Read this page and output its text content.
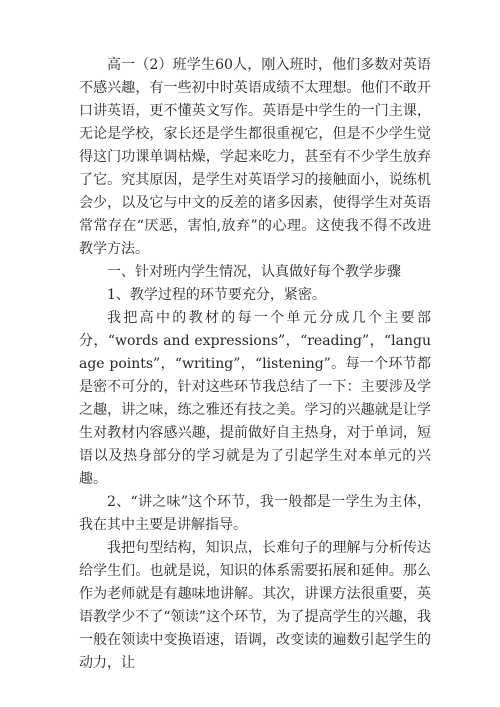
高一（2）班学生60人，刚入班时，他们多数对英语不感兴趣，有一些初中时英语成绩不太理想。他们不敢开口讲英语，更不懂英文写作。英语是中学生的一门主课，无论是学校，家长还是学生都很重视它，但是不少学生觉得这门功课单调枯燥，学起来吃力，甚至有不少学生放弃了它。究其原因，是学生对英语学习的接触面小，说练机会少，以及它与中文的反差的诸多因素，使得学生对英语常常存在“厌恶，害怕,放弃”的心理。这使我不得不改进教学方法。

一、针对班内学生情况，认真做好每个教学步骤

1、教学过程的环节要充分，紧密。

我把高中的教材的每一个单元分成几个主要部分，“words and expressions”，“reading”，“language points”，“writing”，“listening”。每一个环节都是密不可分的，针对这些环节我总结了一下：主要涉及学之趣，讲之味，练之雅还有技之美。学习的兴趣就是让学生对教材内容感兴趣，提前做好自主热身，对于单词，短语以及热身部分的学习就是为了引起学生对本单元的兴趣。

2、“讲之味”这个环节，我一般都是一学生为主体，我在其中主要是讲解指导。

我把句型结构，知识点，长难句子的理解与分析传达给学生们。也就是说，知识的体系需要拓展和延伸。那么作为老师就是有趣味地讲解。其次，讲课方法很重要，英语教学少不了“领读”这个环节，为了提高学生的兴趣，我一般在领读中变换语速，语调，改变读的遍数引起学生的动力，让
